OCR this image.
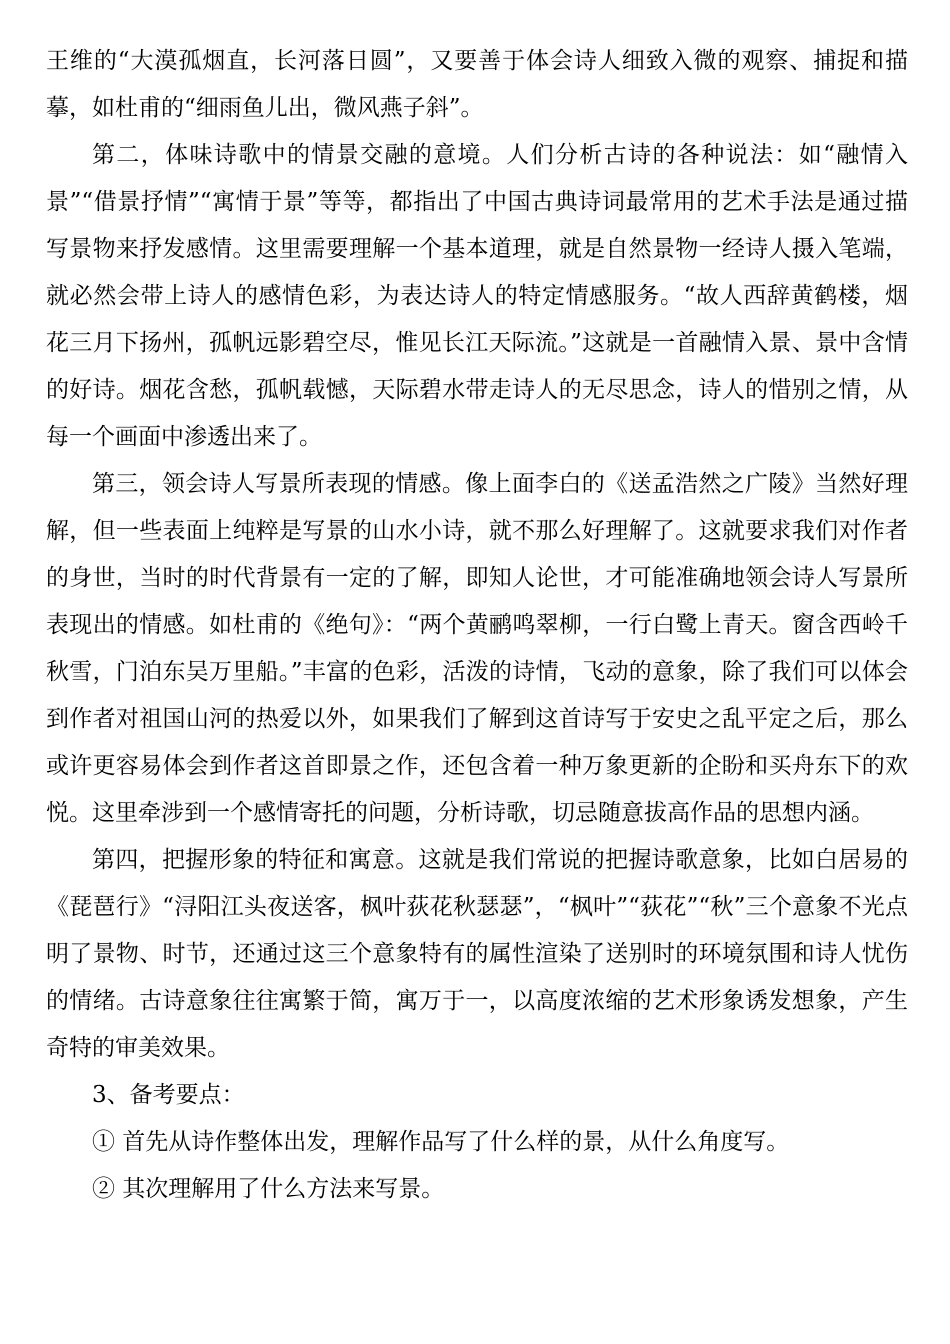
王维的“大漠孤烟直，长河落日圆”，又要善于体会诗人细致入微的观察、捕捉和描摹，如杜甫的“细雨鱼儿出，微风燕子斜”。

第二，体味诗歌中的情景交融的意境。人们分析古诗的各种说法：如“融情入景”“借景抒情”“寓情于景”等等，都指出了中国古典诗词最常用的艺术手法是通过描写景物来抒发感情。这里需要理解一个基本道理，就是自然景物一经诗人摄入笔端，就必然会带上诗人的感情色彩，为表达诗人的特定情感服务。“故人西辞黄鹤楼，烟花三月下扬州，孤帆远影碧空尽，惟见长江天际流。”这就是一首融情入景、景中含情的好诗。烟花含愁，孤帆载憾，天际碧水带走诗人的无尽思念，诗人的惜别之情，从每一个画面中渗透出来了。

第三，领会诗人写景所表现的情感。像上面李白的《送孟浩然之广陵》当然好理解，但一些表面上纯粹是写景的山水小诗，就不那么好理解了。这就要求我们对作者的身世，当时的时代背景有一定的了解，即知人论世，才可能准确地领会诗人写景所表现出的情感。如杜甫的《绝句》：“两个黄鹂鸣翠柳，一行白鹭上青天。窗含西岭千秋雪，门泊东吴万里船。”丰富的色彩，活泼的诗情，飞动的意象，除了我们可以体会到作者对祖国山河的热爱以外，如果我们了解到这首诗写于安史之乱平定之后，那么或许更容易体会到作者这首即景之作，还包含着一种万象更新的企盼和买舟东下的欢悦。这里牵涉到一个感情寄托的问题，分析诗歌，切忌随意拔高作品的思想内涵。

第四，把握形象的特征和寓意。这就是我们常说的把握诗歌意象，比如白居易的《琵琶行》“浔阳江头夜送客，枫叶荻花秋瑟瑟”，“枫叶”“荻花”“秋”三个意象不光点明了景物、时节，还通过这三个意象特有的属性渲染了送别时的环境氛围和诗人忧伤的情绪。古诗意象往往寓繁于简，寓万于一，以高度浓缩的艺术形象诱发想象，产生奇特的审美效果。

3、备考要点：

① 首先从诗作整体出发，理解作品写了什么样的景，从什么角度写。

② 其次理解用了什么方法来写景。
